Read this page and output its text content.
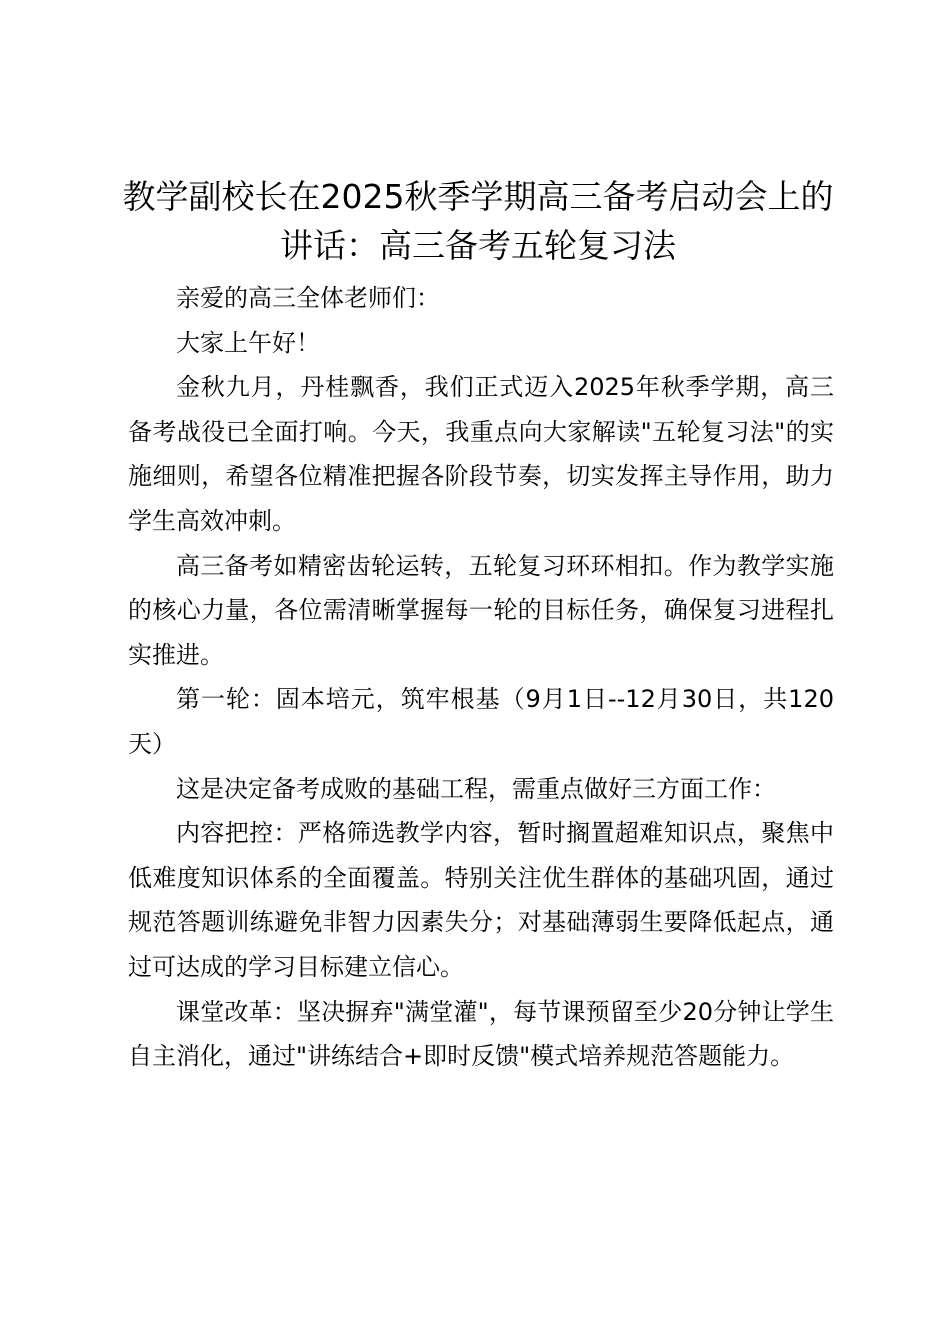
教学副校长在2025秋季学期高三备考启动会上的讲话：高三备考五轮复习法

亲爱的高三全体老师们：

大家上午好！

金秋九月，丹桂飘香，我们正式迈入2025年秋季学期，高三备考战役已全面打响。今天，我重点向大家解读"五轮复习法"的实施细则，希望各位精准把握各阶段节奏，切实发挥主导作用，助力学生高效冲刺。

高三备考如精密齿轮运转，五轮复习环环相扣。作为教学实施的核心力量，各位需清晰掌握每一轮的目标任务，确保复习进程扎实推进。

第一轮：固本培元，筑牢根基（9月1日--12月30日，共120天）

这是决定备考成败的基础工程，需重点做好三方面工作：

内容把控：严格筛选教学内容，暂时搁置超难知识点，聚焦中低难度知识体系的全面覆盖。特别关注优生群体的基础巩固，通过规范答题训练避免非智力因素失分；对基础薄弱生要降低起点，通过可达成的学习目标建立信心。

课堂改革：坚决摒弃"满堂灌"，每节课预留至少20分钟让学生自主消化，通过"讲练结合+即时反馈"模式培养规范答题能力。
